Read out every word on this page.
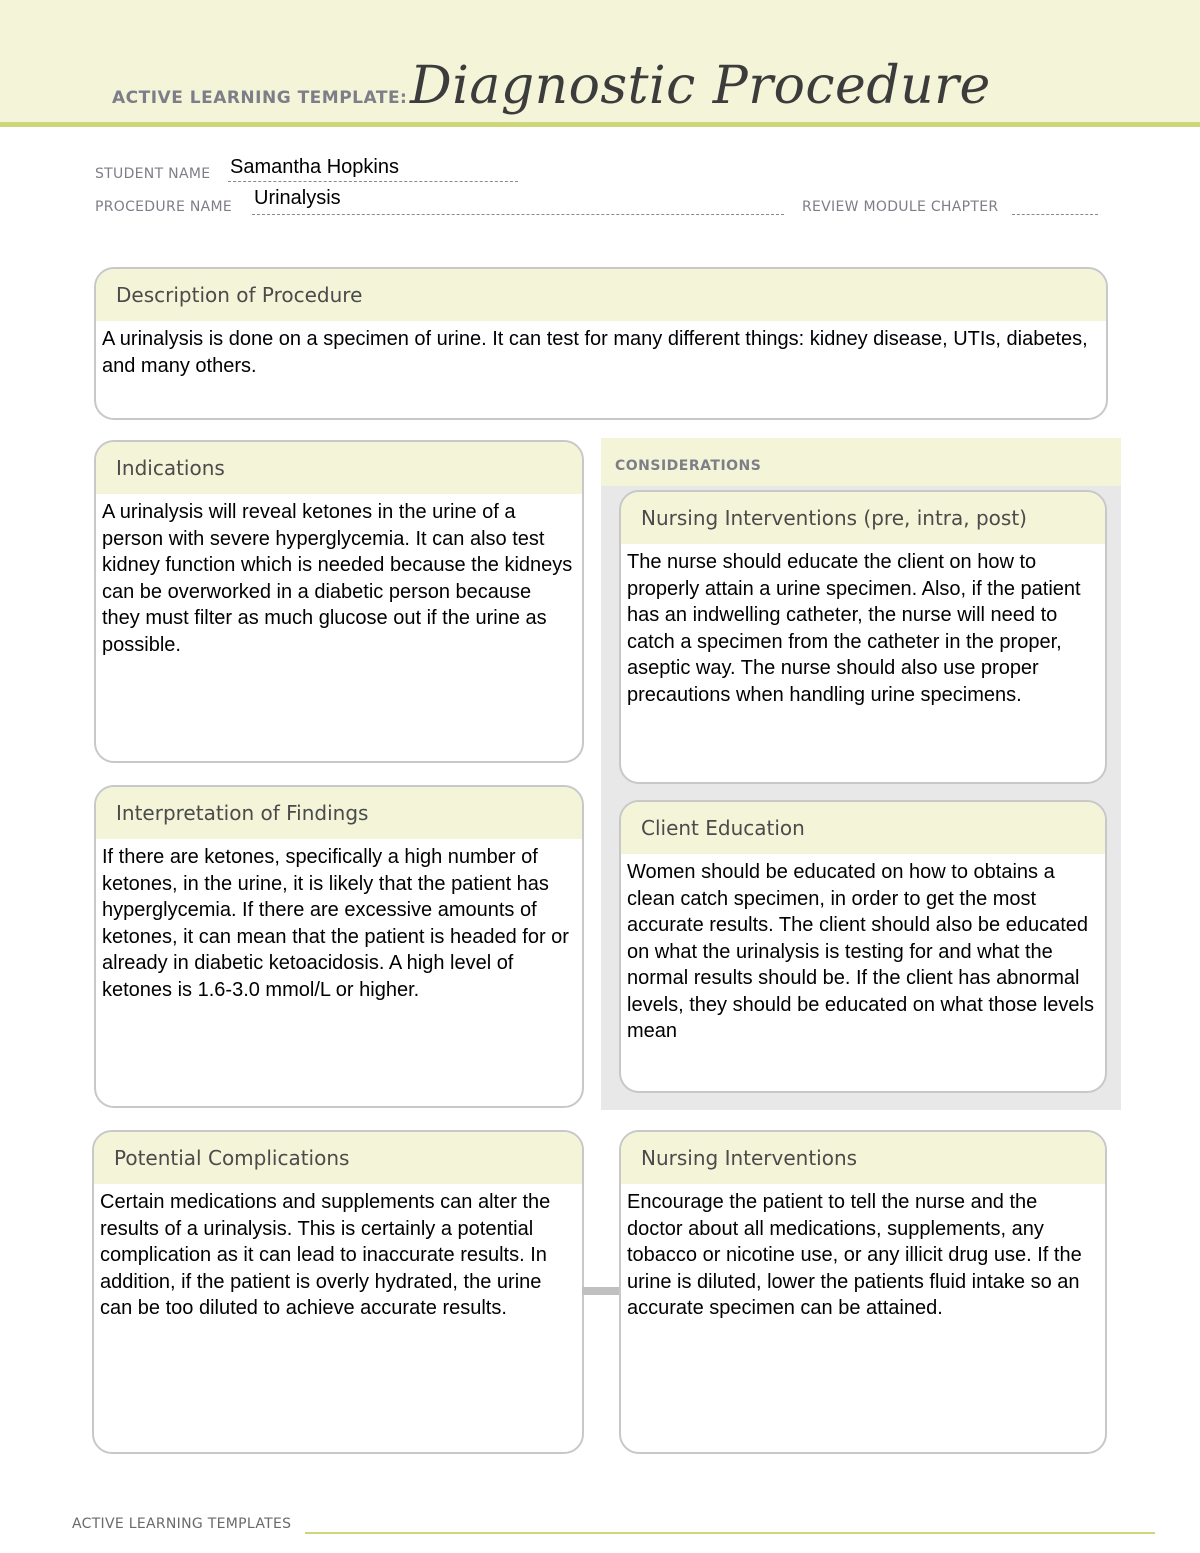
ACTIVE LEARNING TEMPLATE: Diagnostic Procedure
STUDENT NAME Samantha Hopkins
PROCEDURE NAME Urinalysis	REVIEW MODULE CHAPTER
Description of Procedure
A urinalysis is done on a specimen of urine. It can test for many different things: kidney disease, UTIs, diabetes, and many others.
Indications
A urinalysis will reveal ketones in the urine of a person with severe hyperglycemia. It can also test kidney function which is needed because the kidneys can be overworked in a diabetic person because they must filter as much glucose out if the urine as possible.
CONSIDERATIONS
Nursing Interventions (pre, intra, post)
The nurse should educate the client on how to properly attain a urine specimen. Also, if the patient has an indwelling catheter, the nurse will need to catch a specimen from the catheter in the proper, aseptic way. The nurse should also use proper precautions when handling urine specimens.
Client Education
Women should be educated on how to obtains a clean catch specimen, in order to get the most accurate results. The client should also be educated on what the urinalysis is testing for and what the normal results should be. If the client has abnormal levels, they should be educated on what those levels mean
Interpretation of Findings
If there are ketones, specifically a high number of ketones, in the urine, it is likely that the patient has hyperglycemia. If there are excessive amounts of ketones, it can mean that the patient is headed for or already in diabetic ketoacidosis. A high level of ketones is 1.6-3.0 mmol/L or higher.
Potential Complications
Certain medications and supplements can alter the results of a urinalysis. This is certainly a potential complication as it can lead to inaccurate results. In addition, if the patient is overly hydrated, the urine can be too diluted to achieve accurate results.
Nursing Interventions
Encourage the patient to tell the nurse and the doctor about all medications, supplements, any tobacco or nicotine use, or any illicit drug use. If the urine is diluted, lower the patients fluid intake so an accurate specimen can be attained.
ACTIVE LEARNING TEMPLATES
